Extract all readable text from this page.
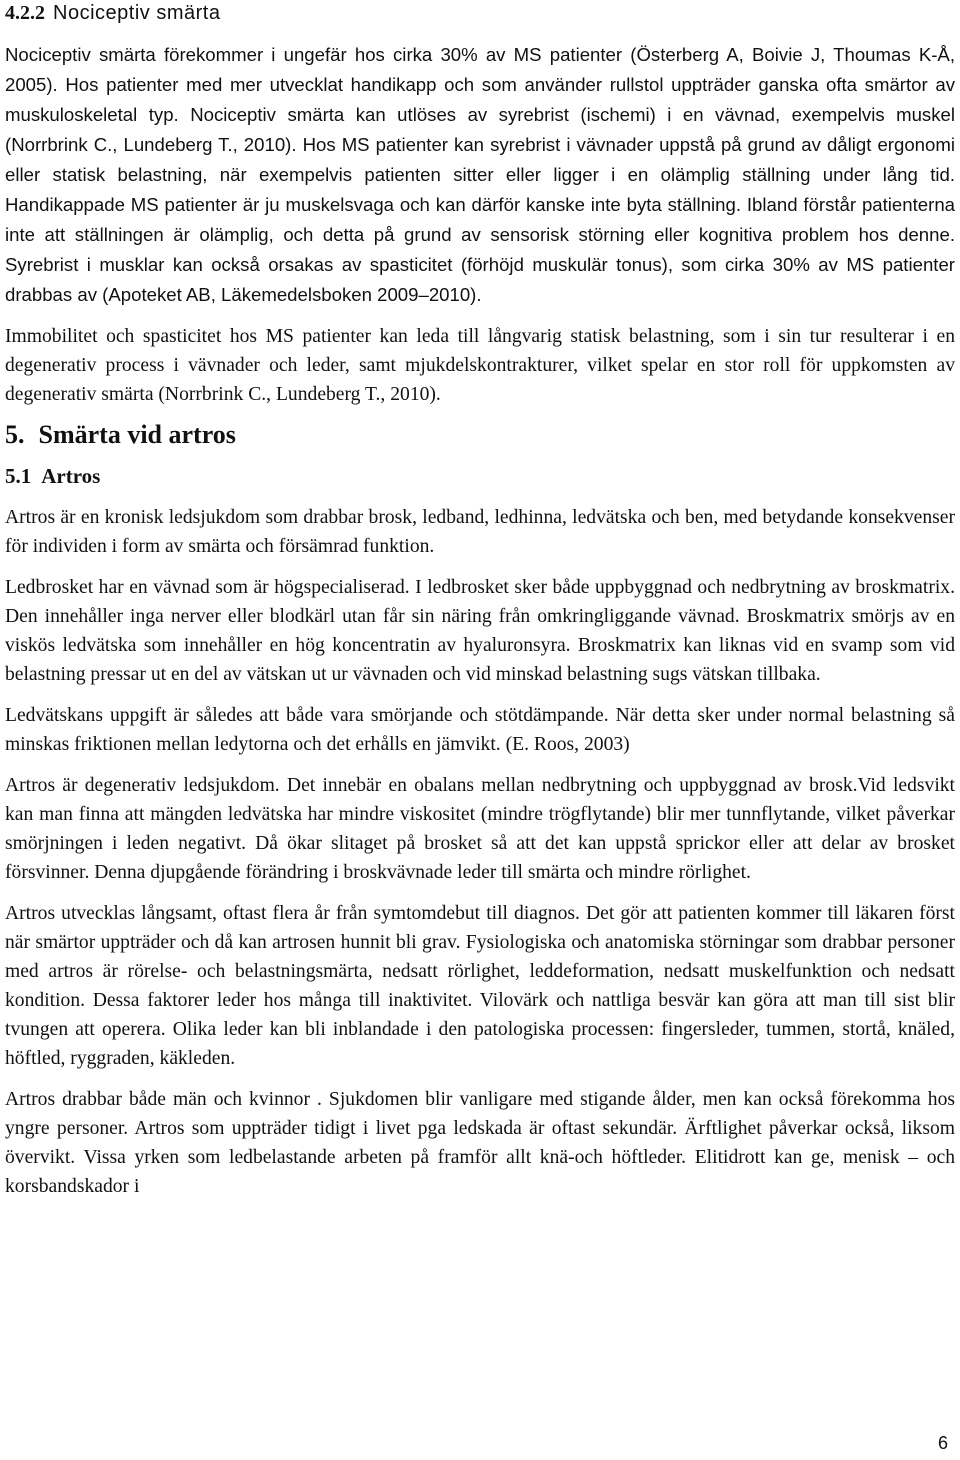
4.2.2 Nociceptiv smärta

Nociceptiv smärta förekommer i ungefär hos cirka 30% av MS patienter (Österberg A, Boivie J, Thoumas K-Å, 2005). Hos patienter med mer utvecklat handikapp och som använder rullstol uppträder ganska ofta smärtor av muskuloskeletal typ. Nociceptiv smärta kan utlöses av syrebrist (ischemi) i en vävnad, exempelvis muskel (Norrbrink C., Lundeberg T., 2010). Hos MS patienter kan syrebrist i vävnader uppstå på grund av dåligt ergonomi eller statisk belastning, när exempelvis patienten sitter eller ligger i en olämplig ställning under lång tid. Handikappade MS patienter är ju muskelsvaga och kan därför kanske inte byta ställning. Ibland förstår patienterna inte att ställningen är olämplig, och detta på grund av sensorisk störning eller kognitiva problem hos denne. Syrebrist i musklar kan också orsakas av spasticitet (förhöjd muskulär tonus), som cirka 30% av MS patienter drabbas av (Apoteket AB, Läkemedelsboken 2009‒2010).

Immobilitet och spasticitet hos MS patienter kan leda till långvarig statisk belastning, som i sin tur resulterar i en degenerativ process i vävnader och leder, samt mjukdelskontrakturer, vilket spelar en stor roll för uppkomsten av degenerativ smärta (Norrbrink C., Lundeberg T., 2010).

5. Smärta vid artros
5.1 Artros

Artros är en kronisk ledsjukdom som drabbar brosk, ledband, ledhinna, ledvätska och ben, med betydande konsekvenser för individen i form av smärta och försämrad funktion.

Ledbrosket har en vävnad som är högspecialiserad. I ledbrosket sker både uppbyggnad och nedbrytning av broskmatrix. Den innehåller inga nerver eller blodkärl utan får sin näring från omkringliggande vävnad. Broskmatrix smörjs av en viskös ledvätska som innehåller en hög koncentratin av hyaluronsyra. Broskmatrix kan liknas vid en svamp som vid belastning pressar ut en del av vätskan ut ur vävnaden och vid minskad belastning sugs vätskan tillbaka.

Ledvätskans uppgift är således att både vara smörjande och stötdämpande. När detta sker under normal belastning så minskas friktionen mellan ledytorna och det erhålls en jämvikt. (E. Roos, 2003)

Artros är degenerativ ledsjukdom. Det innebär en obalans mellan nedbrytning och uppbyggnad av brosk.Vid ledsvikt kan man finna att mängden ledvätska har mindre viskositet (mindre trögflytande) blir mer tunnflytande, vilket påverkar smörjningen i leden negativt. Då ökar slitaget på brosket så att det kan uppstå sprickor eller att delar av brosket försvinner. Denna djupgående förändring i broskvävnade leder till smärta och mindre rörlighet.

Artros utvecklas långsamt, oftast flera år från symtomdebut till diagnos. Det gör att patienten kommer till läkaren först när smärtor uppträder och då kan artrosen hunnit bli grav. Fysiologiska och anatomiska störningar som drabbar personer med artros är rörelse- och belastningsmärta, nedsatt rörlighet, leddeformation, nedsatt muskelfunktion och nedsatt kondition. Dessa faktorer leder hos många till inaktivitet. Vilovärk och nattliga besvär kan göra att man till sist blir tvungen att operera. Olika leder kan bli inblandade i den patologiska processen: fingersleder, tummen, stortå, knäled, höftled, ryggraden, käkleden.

Artros drabbar både män och kvinnor . Sjukdomen blir vanligare med stigande ålder, men kan också förekomma hos yngre personer. Artros som uppträder tidigt i livet pga ledskada är oftast sekundär. Ärftlighet påverkar också, liksom övervikt. Vissa yrken som ledbelastande arbeten på framför allt knä-och höftleder. Elitidrott kan ge, menisk – och korsbandskador i

6
